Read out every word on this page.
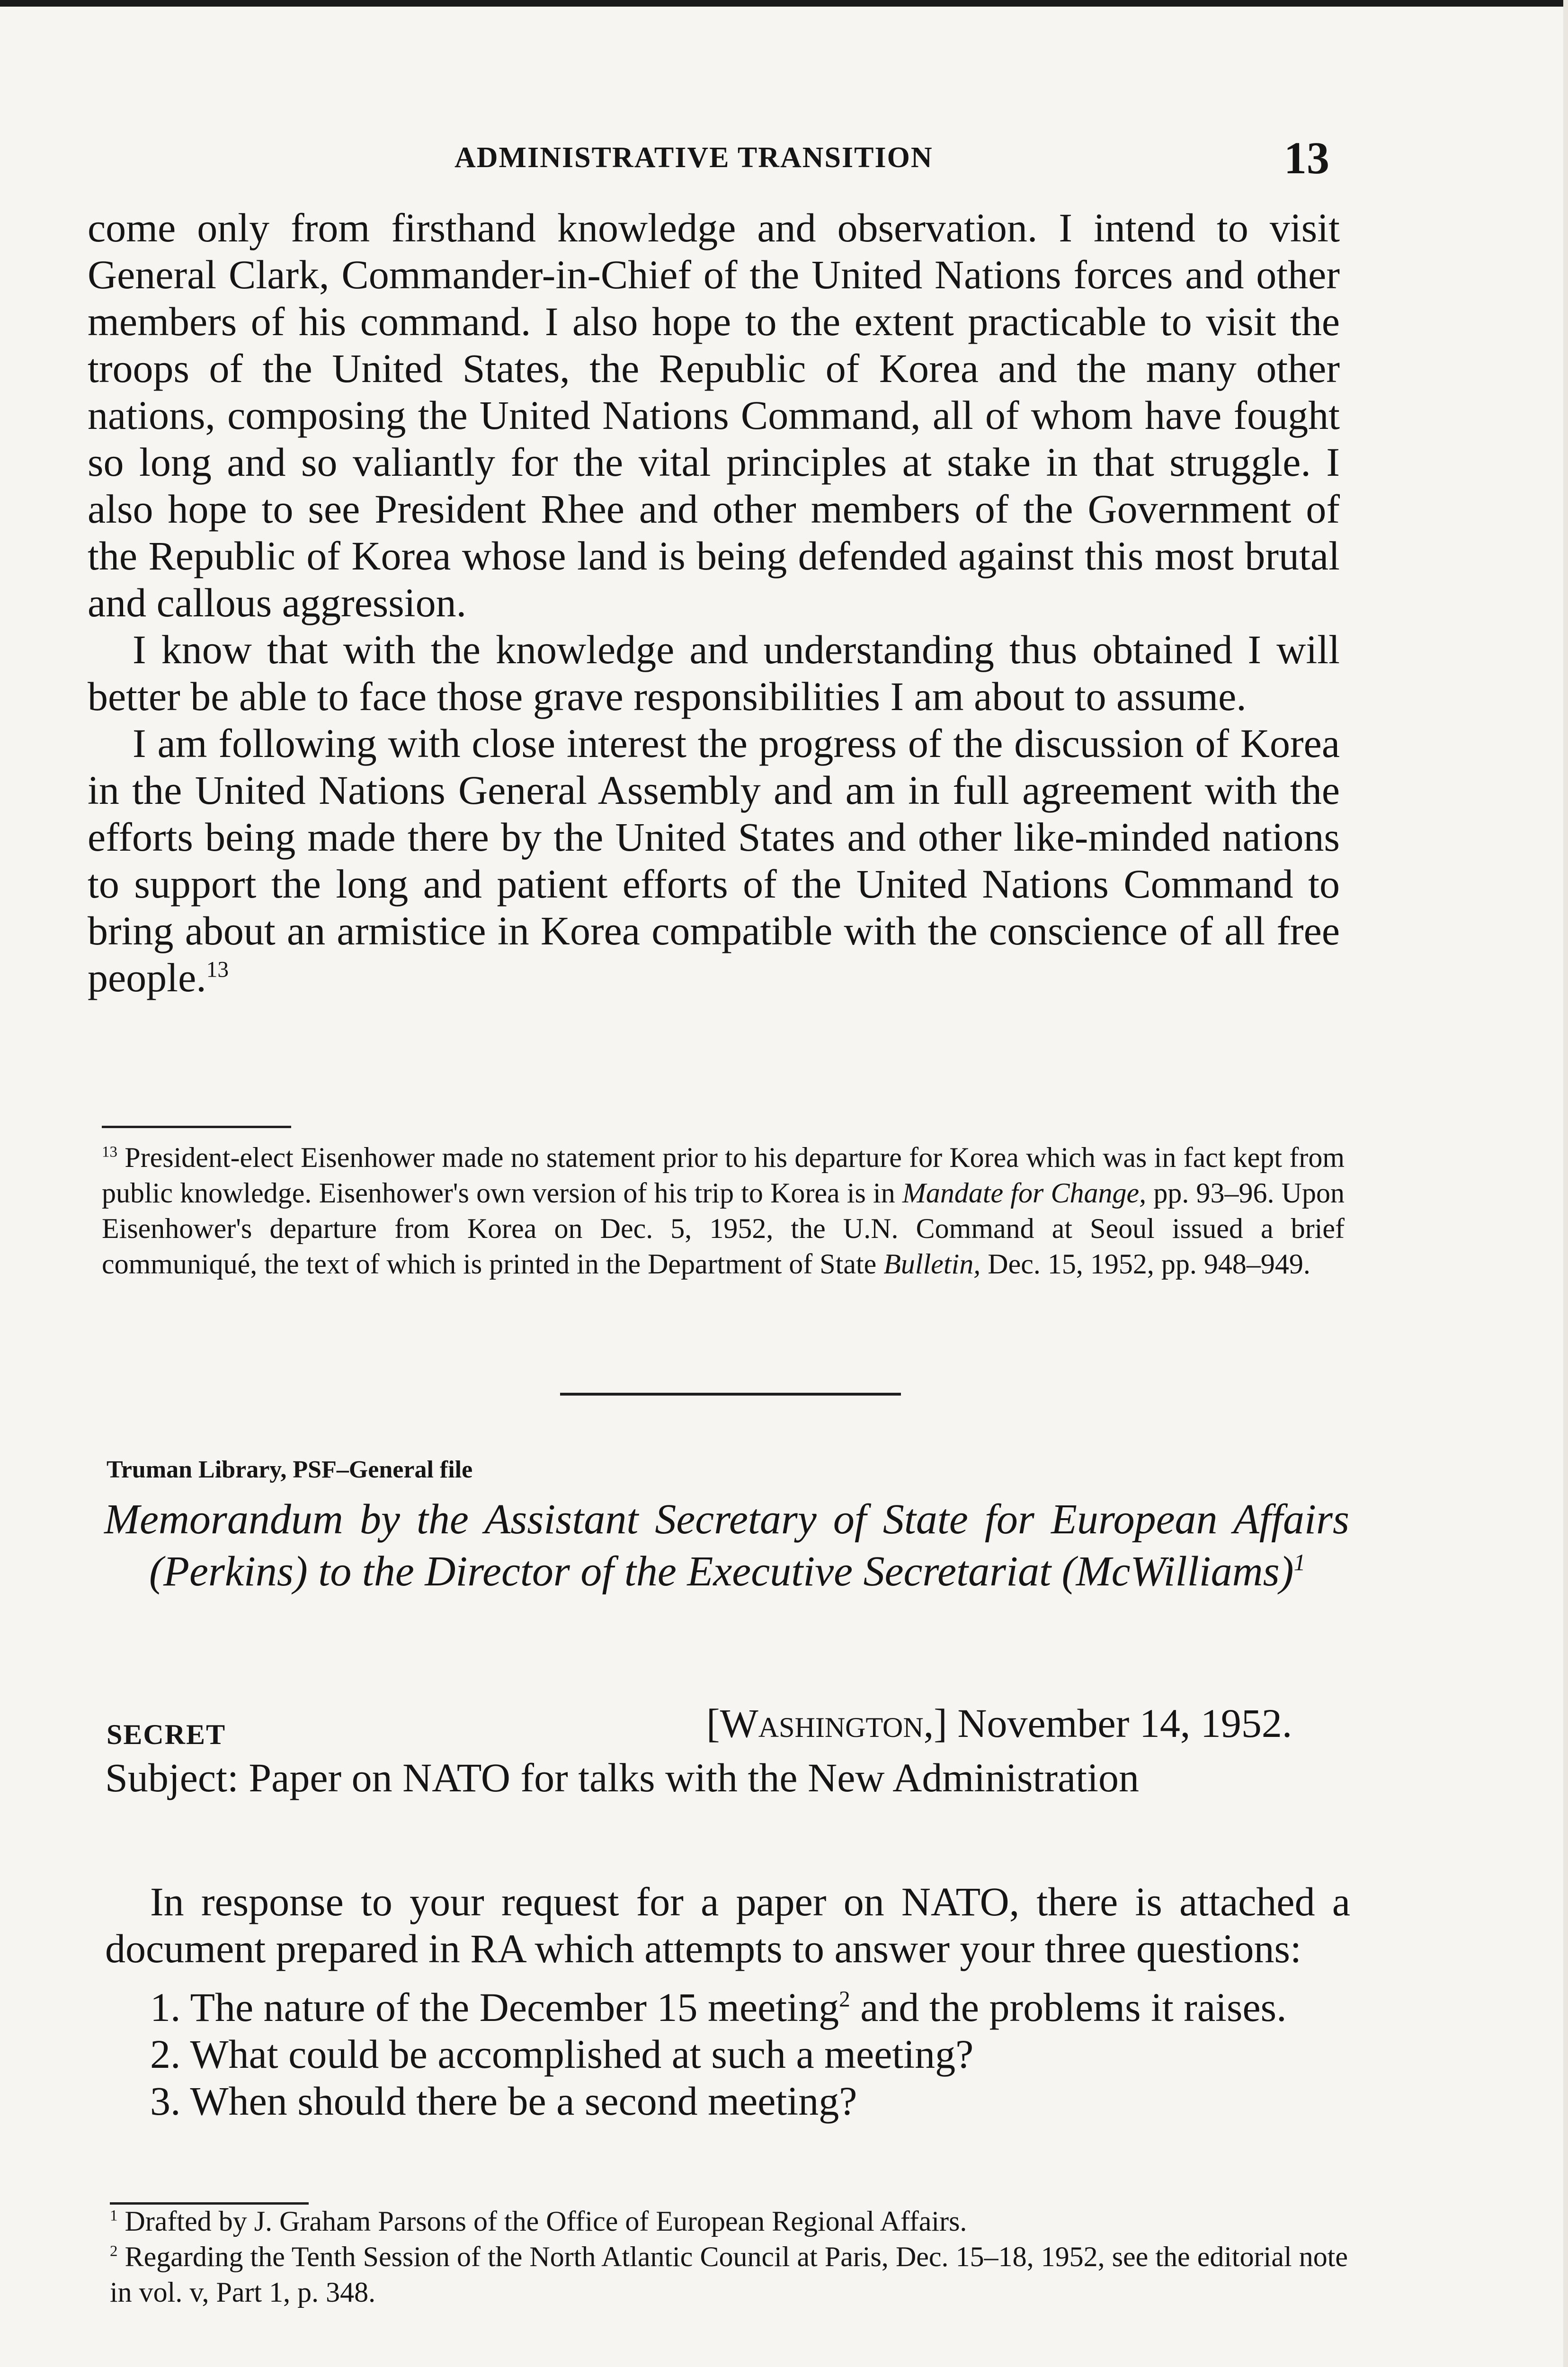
ADMINISTRATIVE TRANSITION	13

come only from firsthand knowledge and observation. I intend to visit General Clark, Commander-in-Chief of the United Nations forces and other members of his command. I also hope to the extent practicable to visit the troops of the United States, the Republic of Korea and the many other nations, composing the United Nations Command, all of whom have fought so long and so valiantly for the vital principles at stake in that struggle. I also hope to see President Rhee and other members of the Government of the Republic of Korea whose land is being defended against this most brutal and callous aggression.

I know that with the knowledge and understanding thus obtained I will better be able to face those grave responsibilities I am about to assume.

I am following with close interest the progress of the discussion of Korea in the United Nations General Assembly and am in full agreement with the efforts being made there by the United States and other like-minded nations to support the long and patient efforts of the United Nations Command to bring about an armistice in Korea compatible with the conscience of all free people.$^{13}$

$^{13}$ President-elect Eisenhower made no statement prior to his departure for Korea which was in fact kept from public knowledge. Eisenhower's own version of his trip to Korea is in Mandate for Change, pp. 93–96. Upon Eisenhower's departure from Korea on Dec. 5, 1952, the U.N. Command at Seoul issued a brief communiqué, the text of which is printed in the Department of State Bulletin, Dec. 15, 1952, pp. 948–949.

Truman Library, PSF–General file
Memorandum by the Assistant Secretary of State for European Affairs (Perkins) to the Director of the Executive Secretariat (McWilliams)$^1$
SECRET	[Washington,] November 14, 1952.
Subject: Paper on NATO for talks with the New Administration

In response to your request for a paper on NATO, there is attached a document prepared in RA which attempts to answer your three questions:

1. The nature of the December 15 meeting$^2$ and the problems it raises.
2. What could be accomplished at such a meeting?
3. When should there be a second meeting?

$^1$ Drafted by J. Graham Parsons of the Office of European Regional Affairs.

$^2$ Regarding the Tenth Session of the North Atlantic Council at Paris, Dec. 15–18, 1952, see the editorial note in vol. v, Part 1, p. 348.
